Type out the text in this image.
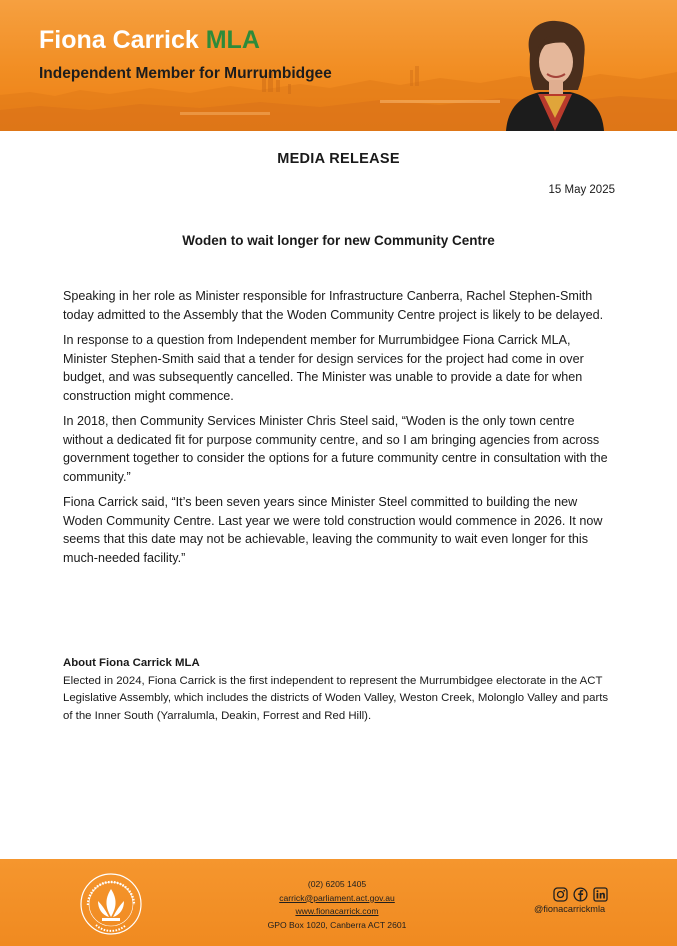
Fiona Carrick MLA
Independent Member for Murrumbidgee
MEDIA RELEASE
15 May 2025
Woden to wait longer for new Community Centre

Speaking in her role as Minister responsible for Infrastructure Canberra, Rachel Stephen-Smith today admitted to the Assembly that the Woden Community Centre project is likely to be delayed.

In response to a question from Independent member for Murrumbidgee Fiona Carrick MLA, Minister Stephen-Smith said that a tender for design services for the project had come in over budget, and was subsequently cancelled. The Minister was unable to provide a date for when construction might commence.

In 2018, then Community Services Minister Chris Steel said, “Woden is the only town centre without a dedicated fit for purpose community centre, and so I am bringing agencies from across government together to consider the options for a future community centre in consultation with the community.”

Fiona Carrick said, “It’s been seven years since Minister Steel committed to building the new Woden Community Centre. Last year we were told construction would commence in 2026. It now seems that this date may not be achievable, leaving the community to wait even longer for this much-needed facility.”

About Fiona Carrick MLA
Elected in 2024, Fiona Carrick is the first independent to represent the Murrumbidgee electorate in the ACT Legislative Assembly, which includes the districts of Woden Valley, Weston Creek, Molonglo Valley and parts of the Inner South (Yarralumla, Deakin, Forrest and Red Hill).
(02) 6205 1405
carrick@parliament.act.gov.au
www.fionacarrick.com
GPO Box 1020, Canberra ACT 2601
@fionacarrickmla
